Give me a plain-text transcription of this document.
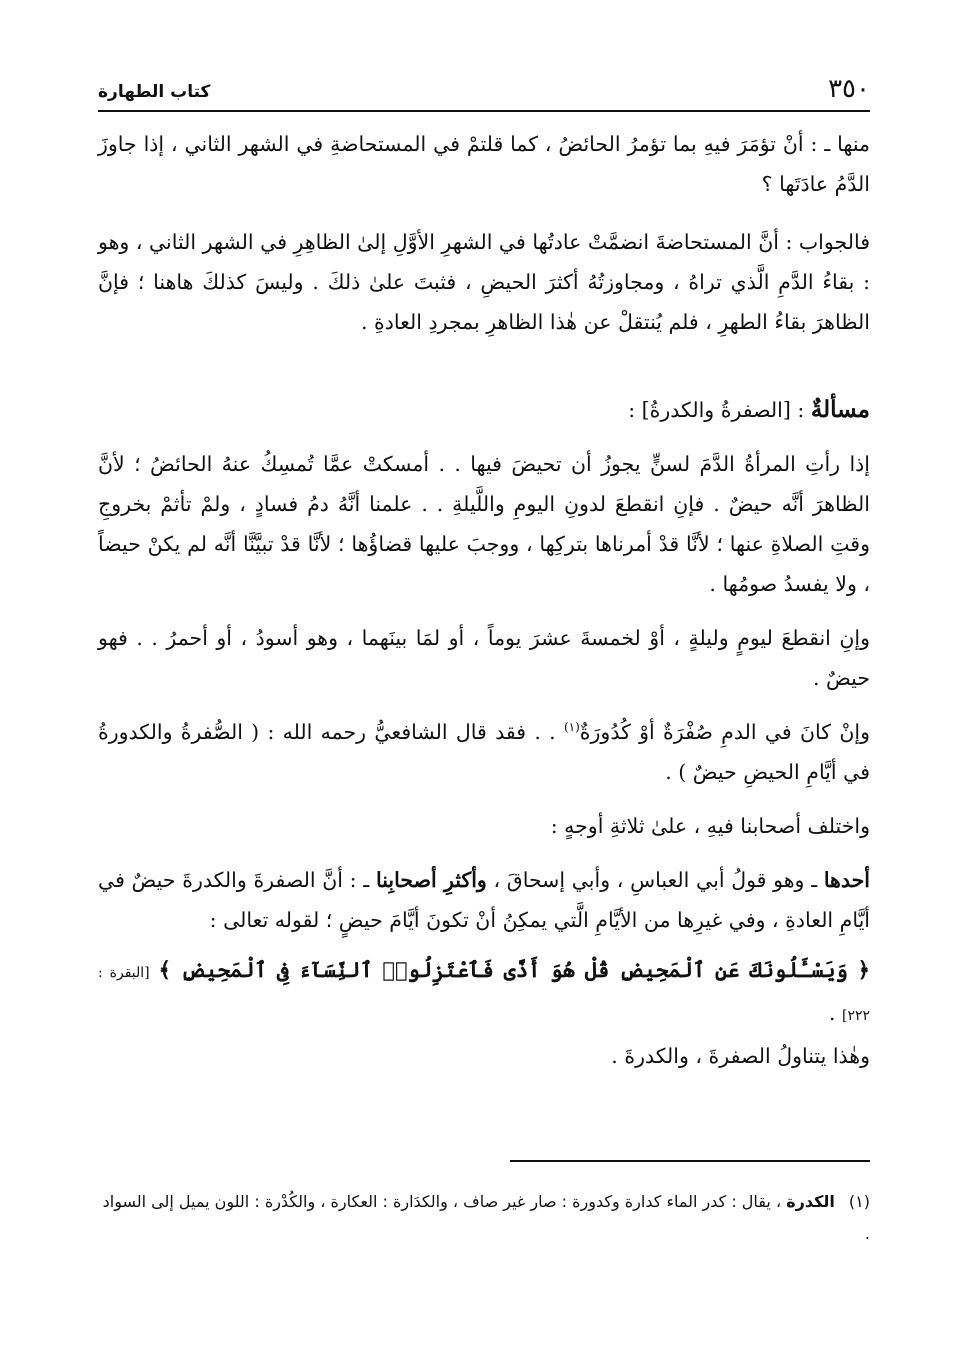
٣٥٠
كتاب الطهارة

منها ـ : أنْ تؤمَرَ فيهِ بما تؤمرُ الحائضُ ، كما قلتمْ في المستحاضةِ في الشهر الثاني ، إذا جاوزَ الدَّمُ عادَتَها ؟

فالجواب : أنَّ المستحاضةَ انضمَّتْ عادتُها في الشهرِ الأوَّلِ إلىٰ الظاهِرِ في الشهر الثاني ، وهو : بقاءُ الدَّمِ الَّذي تراهُ ، ومجاوزتُهُ أكثرَ الحيضِ ، فثبتَ علىٰ ذلكَ . وليسَ كذلكَ هاهنا ؛ فإنَّ الظاهرَ بقاءُ الطهرِ ، فلم يُنتقلْ عن هٰذا الظاهرِ بمجردِ العادةِ .

مسألةٌ : [الصفرةُ والكدرةُ] :

إذا رأتِ المرأةُ الدَّمَ لسنٍّ يجوزُ أن تحيضَ فيها . . أمسكتْ عمَّا تُمسِكُ عنهُ الحائضُ ؛ لأنَّ الظاهرَ أنَّه حيضٌ . فإنِ انقطعَ لدونِ اليومِ واللَّيلةِ . . علمنا أنَّهُ دمُ فسادٍ ، ولمْ تأثمْ بخروجِ وقتِ الصلاةِ عنها ؛ لأنَّا قدْ أمرناها بتركِها ، ووجبَ عليها قضاؤُها ؛ لأنَّا قدْ تبيَّنَّا أنَّه لم يكنْ حيضاً ، ولا يفسدُ صومُها .

وإنِ انقطعَ ليومٍ وليلةٍ ، أوْ لخمسةَ عشرَ يوماً ، أو لمَا بينَهما ، وهو أسودُ ، أو أحمرُ . . فهو حيضٌ .

وإنْ كانَ في الدمِ صُفْرَةٌ أوْ كُدُورَةٌ$^{(١)}$ . . فقد قال الشافعيُّ رحمه الله : ( الصُّفرةُ والكدورةُ في أيَّامِ الحيضِ حيضٌ ) .

واختلف أصحابنا فيهِ ، علىٰ ثلاثةِ أوجهٍ :

أحدها ـ وهو قولُ أبي العباسِ ، وأبي إسحاقَ ، وأكثرِ أصحابِنا ـ : أنَّ الصفرةَ والكدرةَ حيضٌ في أيَّامِ العادةِ ، وفي غيرِها من الأيَّامِ الَّتي يمكِنُ أنْ تكونَ أيَّامَ حيضٍ ؛ لقوله تعالى :

﴿ وَيَسْـَٔلُونَكَ عَنِ ٱلْمَحِيضِ قُلْ هُوَ أَذًى فَٱعْتَزِلُوا۟ ٱلنِّسَآءَ فِى ٱلْمَحِيضِ ﴾ [البقرة : ٢٢٢] .

وهٰذا يتناولُ الصفرةَ ، والكدرةَ .

(١)الكدرة ، يقال : كدر الماء كدارة وكدورة : صار غير صاف ، والكدَارة : العكارة ، والكُدْرة : اللون يميل إلى السواد .
